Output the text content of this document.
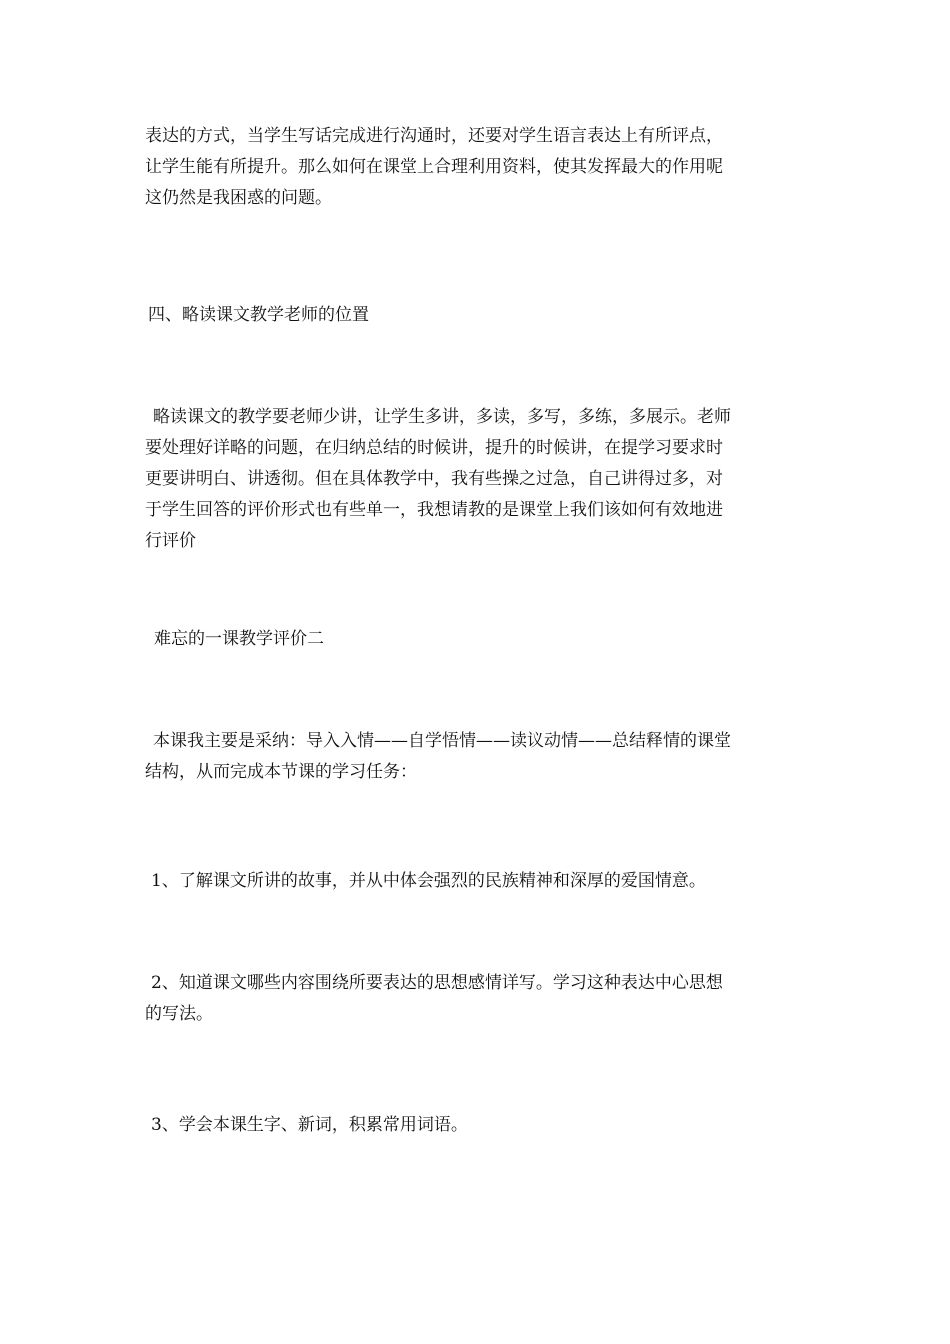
表达的方式，当学生写话完成进行沟通时，还要对学生语言表达上有所评点，
让学生能有所提升。那么如何在课堂上合理利用资料，使其发挥最大的作用呢
这仍然是我困惑的问题。
四、略读课文教学老师的位置
略读课文的教学要老师少讲，让学生多讲，多读，多写，多练，多展示。老师
要处理好详略的问题，在归纳总结的时候讲，提升的时候讲，在提学习要求时
更要讲明白、讲透彻。但在具体教学中，我有些操之过急，自己讲得过多，对
于学生回答的评价形式也有些单一，我想请教的是课堂上我们该如何有效地进
行评价
难忘的一课教学评价二
本课我主要是采纳：导入入情——自学悟情——读议动情——总结释情的课堂
结构，从而完成本节课的学习任务：
1、了解课文所讲的故事，并从中体会强烈的民族精神和深厚的爱国情意。
2、知道课文哪些内容围绕所要表达的思想感情详写。学习这种表达中心思想
的写法。
3、学会本课生字、新词，积累常用词语。
